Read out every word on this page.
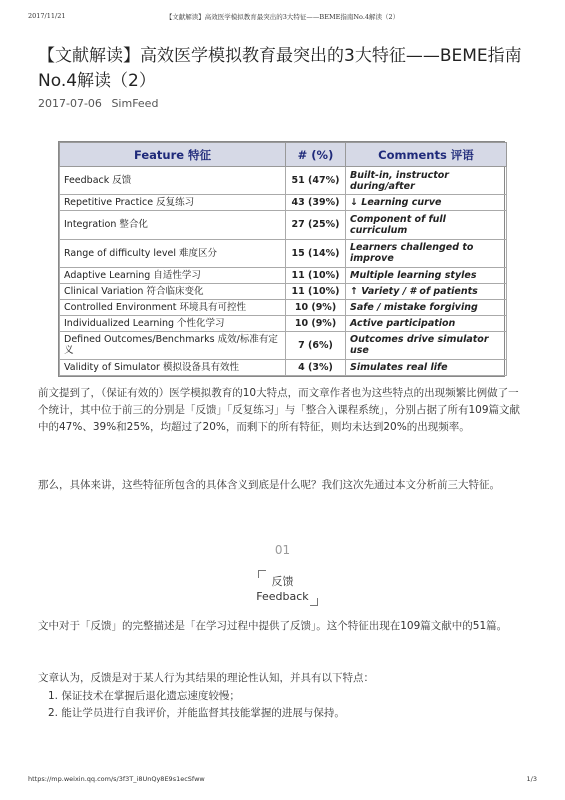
2017/11/21	【文献解读】高效医学模拟教育最突出的3大特征——BEME指南No.4解读（2）
【文献解读】高效医学模拟教育最突出的3大特征——BEME指南No.4解读（2）
2017-07-06 SimFeed
Feature 特征	# (%)	Comments 评语
Feedback 反馈	51 (47%)	Built-in, instructor during/after
Repetitive Practice 反复练习	43 (39%)	↓ Learning curve
Integration 整合化	27 (25%)	Component of full curriculum
Range of difficulty level 难度区分	15 (14%)	Learners challenged to improve
Adaptive Learning 自适性学习	11 (10%)	Multiple learning styles
Clinical Variation 符合临床变化	11 (10%)	↑ Variety / # of patients
Controlled Environment 环境具有可控性	10 (9%)	Safe / mistake forgiving
Individualized Learning 个性化学习	10 (9%)	Active participation
Defined Outcomes/Benchmarks 成效/标准有定义	7 (6%)	Outcomes drive simulator use
Validity of Simulator 模拟设备具有效性	4 (3%)	Simulates real life

前文提到了，（保证有效的）医学模拟教育的10大特点，而文章作者也为这些特点的出现频繁比例做了一个统计，其中位于前三的分别是「反馈」「反复练习」与「整合入课程系统」，分别占据了所有109篇文献中的47%、39%和25%，均超过了20%，而剩下的所有特征，则均未达到20%的出现频率。

那么，具体来讲，这些特征所包含的具体含义到底是什么呢？我们这次先通过本文分析前三大特征。

01
反馈
Feedback

文中对于「反馈」的完整描述是「在学习过程中提供了反馈」。这个特征出现在109篇文献中的51篇。

文章认为，反馈是对于某人行为其结果的理论性认知，并具有以下特点：

1. 保证技术在掌握后退化遗忘速度较慢；
2. 能让学员进行自我评价，并能监督其技能掌握的进展与保持。
https://mp.weixin.qq.com/s/3f3T_i8UnQy8E9s1ecSfww	1/3
